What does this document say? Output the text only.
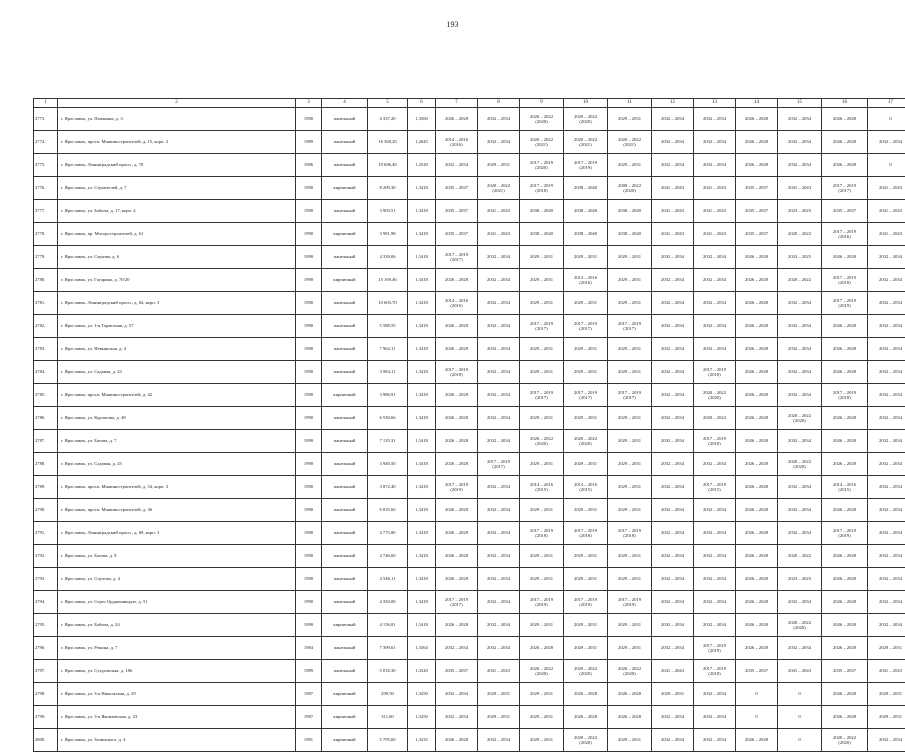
193
1	2	3	4	5	6	7	8	9	10	11	12	13	14	15	16	17
2773.	г. Ярославль, ул. Папанина, д. 3	1990	панельный	4 337,20	1,3560	2026 – 2028	2032 – 2034	2020 – 2022
(2020)	2020 – 2022
(2020)	2029 – 2031	2032 – 2034	2032 – 2034	2026 – 2028	2032 – 2034	2026 – 2028	0
2774.	г. Ярославль, просп. Машиностроителей, д. 15, корп. 2	1989	панельный	16 368,20	1,2645	2014 – 2016
(2016)	2032 – 2034	2020 – 2022
(2021)	2020 – 2022
(2021)	2020 – 2022
(2021)	2032 – 2034	2032 – 2034	2026 – 2028	2032 – 2034	2026 – 2028	2032 – 2034
2775.	г. Ярославль, Ленинградский просп., д. 78	1986	панельный	10 696,40	1,2520	2032 – 2034	2029 – 2031	2017 – 2019
(2020)	2017 – 2019
(2019)	2029 – 2031	2032 – 2034	2032 – 2034	2026 – 2028	2032 – 2034	2026 – 2028	0
2776.	г. Ярославль, ул. Строителей, д. 7	1990	кирпичный	8 209,30	1,3418	2035 – 2037	2020 – 2022
(2021)	2017 – 2019
(2018)	2038 – 2040	2008 – 2022
(2020)	2041 – 2043	2041 – 2043	2035 – 2037	2041 – 2043	2017 – 2019
(2017)	2041 – 2043
2777.	г. Ярославль, ул. Бабича, д. 17, корп. 4	1990	панельный	3 903,51	1,3418	2035 – 2037	2041 – 2043	2038 – 2040	2038 – 2040	2038 – 2040	2041 – 2043	2041 – 2043	2035 – 2037	2023 – 2025	2035 – 2037	2041 – 2043
2778.	г. Ярославль, пр. Моторостроителей, д. 61	1990	кирпичный	3 981,98	1,3418	2035 – 2037	2041 – 2043	2038 – 2040	2038 – 2040	2038 – 2040	2041 – 2043	2041 – 2043	2035 – 2037	2020 – 2022	2017 – 2019
(2016)	2041 – 2043
2779.	г. Ярославль, ул. Саукова, д. 6	1990	панельный	4 339,06	1,3418	2017 – 2019
(2017)	2032 – 2034	2029 – 2031	2029 – 2031	2029 – 2031	2032 – 2034	2032 – 2034	2026 – 2028	2023 – 2025	2026 – 2028	2032 – 2034
2780.	г. Ярославль, ул. Гагарина, д. 70/20	1990	кирпичный	15 169,46	1,3418	2026 – 2028	2032 – 2034	2029 – 2031	2014 – 2016
(2016)	2029 – 2031	2032 – 2034	2032 – 2034	2026 – 2028	2020 – 2022	2017 – 2019
(2018)	2032 – 2034
2781.	г. Ярославль, Ленинградский просп., д. 64, корп. 3	1990	панельный	10 603,70	1,3418	2014 – 2016
(2016)	2032 – 2034	2029 – 2031	2029 – 2031	2029 – 2031	2032 – 2034	2032 – 2034	2026 – 2028	2032 – 2034	2017 – 2019
(2019)	2032 – 2034
2782.	г. Ярославль, ул. 1-я Тормозная, д. 57	1990	панельный	5 588,55	1,3418	2026 – 2028	2032 – 2034	2017 – 2019
(2017)	2017 – 2019
(2017)	2017 – 2019
(2017)	2032 – 2034	2032 – 2034	2026 – 2028	2032 – 2034	2026 – 2028	2032 – 2034
2783.	г. Ярославль, ул. Невьянская, д. 4	1990	панельный	7 962,11	1,3418	2026 – 2028	2032 – 2034	2029 – 2031	2029 – 2031	2029 – 2031	2032 – 2034	2032 – 2034	2026 – 2028	2032 – 2034	2026 – 2028	2032 – 2034
2784.	г. Ярославль, ул. Садовая, д. 23	1990	панельный	3 984,11	1,3418	2017 – 2019
(2018)	2032 – 2034	2029 – 2031	2029 – 2031	2029 – 2031	2032 – 2034	2017 – 2019
(2018)	2026 – 2028	2032 – 2034	2026 – 2028	2032 – 2034
2785.	г. Ярославль, просп. Машиностроителей, д. 42	1990	кирпичный	3 986,91	1,3418	2026 – 2028	2032 – 2034	2017 – 2019
(2017)	2017 – 2019
(2017)	2017 – 2019
(2017)	2032 – 2034	2020 – 2022
(2020)	2026 – 2028	2032 – 2034	2017 – 2019
(2018)	2032 – 2034
2786.	г. Ярославль, ул. Курчатова, д. 48	1990	панельный	6 530,66	1,3418	2026 – 2028	2032 – 2034	2029 – 2031	2029 – 2031	2029 – 2031	2032 – 2034	2020 – 2022	2026 – 2028	2020 – 2022
(2020)	2026 – 2028	2032 – 2034
2787.	г. Ярославль, ул. Батова, д. 7	1990	панельный	7 135,31	1,3418	2026 – 2028	2032 – 2034	2020 – 2022
(2020)	2020 – 2022
(2020)	2029 – 2031	2032 – 2034	2017 – 2019
(2018)	2026 – 2028	2032 – 2034	2026 – 2028	2032 – 2034
2788.	г. Ярославль, ул. Садовая, д. 25	1990	панельный	3 940,50	1,3418	2026 – 2028	2017 – 2019
(2017)	2029 – 2031	2029 – 2031	2029 – 2031	2032 – 2034	2032 – 2034	2026 – 2028	2020 – 2022
(2020)	2026 – 2028	2032 – 2034
2789.	г. Ярославль, просп. Машиностроителей, д. 54, корп. 3	1990	панельный	3 872,40	1,3418	2017 – 2019
(2019)	2032 – 2034	2014 – 2016
(2015)	2014 – 2016
(2015)	2029 – 2031	2032 – 2034	2017 – 2019
(2015)	2026 – 2028	2032 – 2034	2014 – 2016
(2015)	2032 – 2034
2790.	г. Ярославль, просп. Машиностроителей, д. 36	1990	панельный	6 035,60	1,3418	2026 – 2028	2032 – 2034	2029 – 2031	2029 – 2031	2029 – 2031	2032 – 2034	2032 – 2034	2026 – 2028	2032 – 2034	2026 – 2028	2032 – 2034
2791.	г. Ярославль, Ленинградский просп., д. 69, корп. 3	1990	панельный	4 775,80	1,3418	2026 – 2028	2032 – 2034	2017 – 2019
(2018)	2017 – 2019
(2018)	2017 – 2019
(2018)	2032 – 2034	2032 – 2034	2026 – 2028	2032 – 2034	2017 – 2019
(2019)	2032 – 2034
2792.	г. Ярославль, ул. Батова, д. 9	1990	панельный	4 746,60	1,3418	2026 – 2028	2032 – 2034	2029 – 2031	2029 – 2031	2029 – 2031	2032 – 2034	2032 – 2034	2026 – 2028	2020 – 2022	2026 – 2028	2032 – 2034
2793.	г. Ярославль, ул. Спулова, д. 4	1990	панельный	4 546,11	1,3418	2026 – 2028	2032 – 2034	2029 – 2031	2029 – 2031	2029 – 2031	2032 – 2034	2032 – 2034	2026 – 2028	2023 – 2025	2026 – 2028	2032 – 2034
2794.	г. Ярославль, ул. Серго Орджоникидзе, д. 51	1990	панельный	4 350,00	1,3418	2017 – 2019
(2017)	2032 – 2034	2017 – 2019
(2019)	2017 – 2019
(2019)	2017 – 2019
(2019)	2032 – 2034	2032 – 2034	2026 – 2028	2032 – 2034	2026 – 2028	2032 – 2034
2795.	г. Ярославль, ул. Бабича, д. 24	1990	кирпичный	4 156,81	1,3418	2026 – 2028	2032 – 2034	2029 – 2031	2029 – 2031	2029 – 2031	2032 – 2034	2032 – 2034	2026 – 2028	2020 – 2022
(2020)	2026 – 2028	2032 – 2034
2796.	г. Ярославль, ул. Ренина, д. 7	1984	панельный	7 399,61	1,3364	2032 – 2034	2032 – 2034	2026 – 2028	2029 – 2031	2029 – 2031	2032 – 2034	2017 – 2019
(2019)	2026 – 2028	2032 – 2034	2026 – 2028	2029 – 2031
2797.	г. Ярославль, ул. Суздальская, д. 186	1989	панельный	5 018,30	1,3320	2035 – 2037	2041 – 2043	2020 – 2022
(2020)	2020 – 2022
(2020)	2020 – 2022
(2020)	2041 – 2043	2017 – 2019
(2018)	2035 – 2037	2041 – 2043	2035 – 2037	2041 – 2043
2798.	г. Ярославль, ул. 3-я Никольская, д. 29	1987	кирпичный	299,50	1,3250	2032 – 2034	2029 – 2031	2029 – 2031	2026 – 2028	2026 – 2028	2029 – 2031	2032 – 2034	0	0	2026 – 2028	2029 – 2031
2799.	г. Ярославль, ул. 3-я Яковлевская, д. 23	1987	кирпичный	311,60	1,3250	2032 – 2034	2029 – 2031	2029 – 2031	2026 – 2028	2026 – 2028	2032 – 2034	2032 – 2034	0	0	2026 – 2028	2029 – 2031
2800.	г. Ярославль, ул. Зелинского, д. 4	1991	кирпичный	5 795,60	1,3235	2026 – 2028	2032 – 2034	2029 – 2031	2020 – 2022
(2020)	2029 – 2031	2032 – 2034	2032 – 2034	2026 – 2028	0	2020 – 2022
(2020)	2032 – 2034
